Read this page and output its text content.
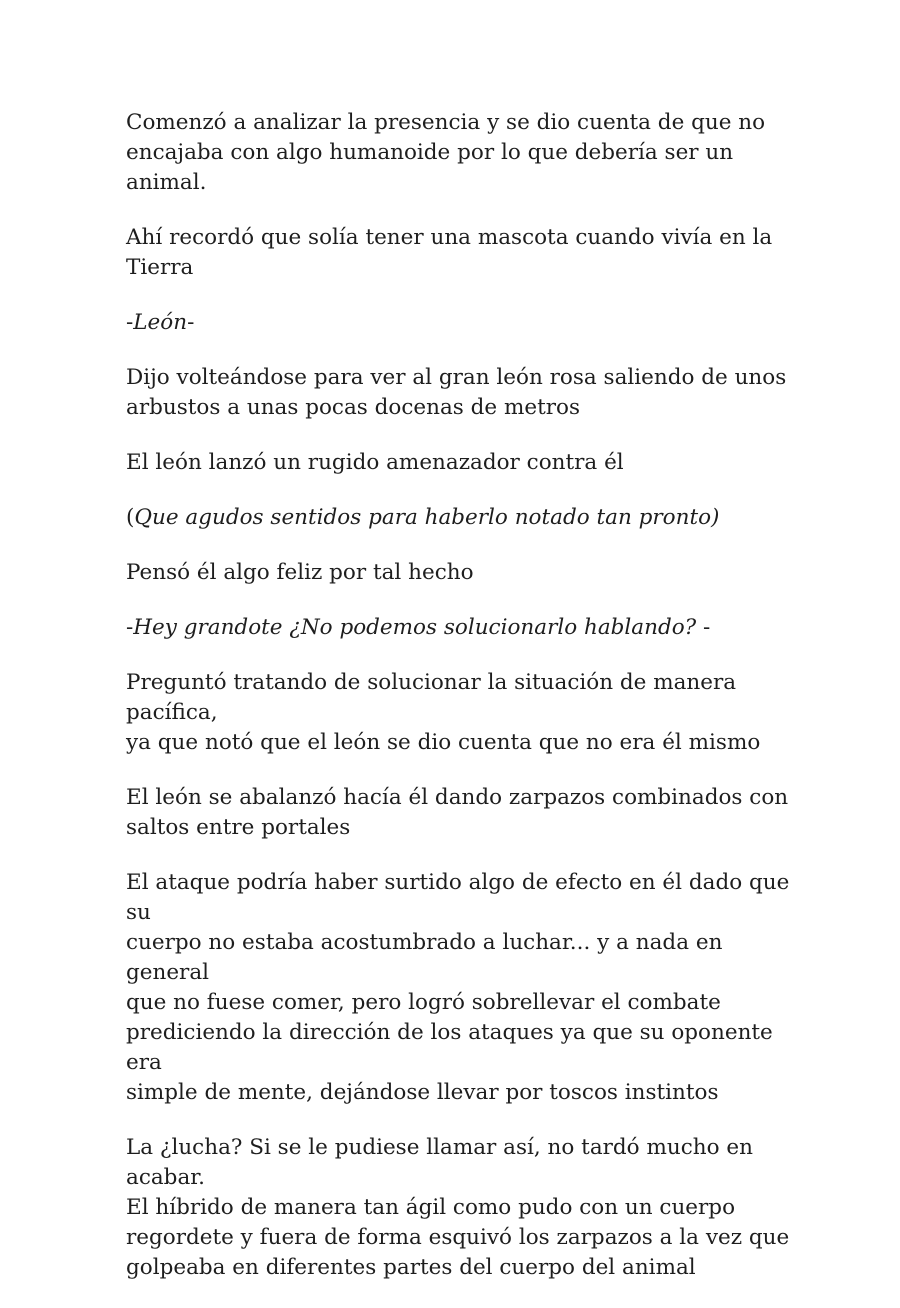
Comenzó a analizar la presencia y se dio cuenta de que no
encajaba con algo humanoide por lo que debería ser un animal.

Ahí recordó que solía tener una mascota cuando vivía en la
Tierra

-León-

Dijo volteándose para ver al gran león rosa saliendo de unos
arbustos a unas pocas docenas de metros

El león lanzó un rugido amenazador contra él

(Que agudos sentidos para haberlo notado tan pronto)

Pensó él algo feliz por tal hecho

-Hey grandote ¿No podemos solucionarlo hablando? -

Preguntó tratando de solucionar la situación de manera pacífica,
ya que notó que el león se dio cuenta que no era él mismo

El león se abalanzó hacía él dando zarpazos combinados con
saltos entre portales

El ataque podría haber surtido algo de efecto en él dado que su
cuerpo no estaba acostumbrado a luchar... y a nada en general
que no fuese comer, pero logró sobrellevar el combate
prediciendo la dirección de los ataques ya que su oponente era
simple de mente, dejándose llevar por toscos instintos

La ¿lucha? Si se le pudiese llamar así, no tardó mucho en acabar.
El híbrido de manera tan ágil como pudo con un cuerpo
regordete y fuera de forma esquivó los zarpazos a la vez que
golpeaba en diferentes partes del cuerpo del animal
